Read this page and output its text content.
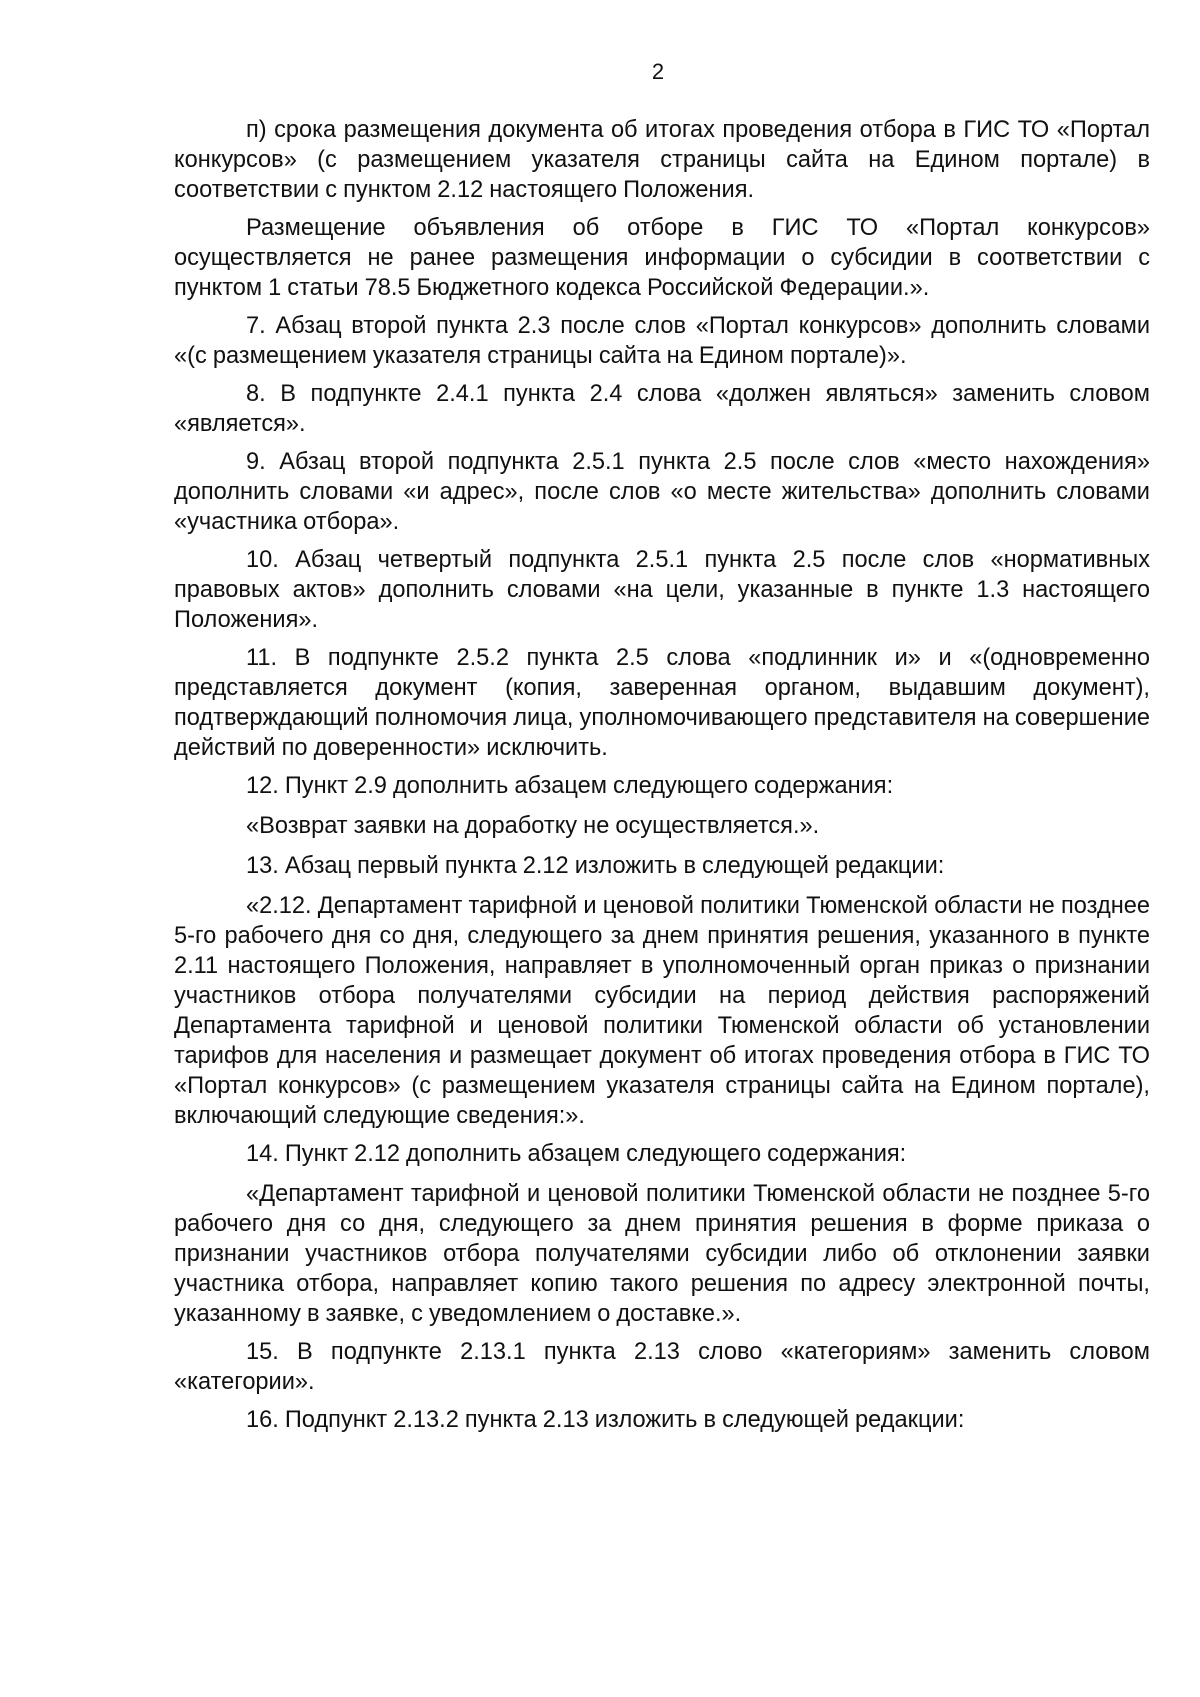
2

п) срока размещения документа об итогах проведения отбора в ГИС ТО «Портал конкурсов» (с размещением указателя страницы сайта на Едином портале) в соответствии с пунктом 2.12 настоящего Положения.

Размещение объявления об отборе в ГИС ТО «Портал конкурсов» осуществляется не ранее размещения информации о субсидии в соответствии с пунктом 1 статьи 78.5 Бюджетного кодекса Российской Федерации.».

7. Абзац второй пункта 2.3 после слов «Портал конкурсов» дополнить словами «(с размещением указателя страницы сайта на Едином портале)».

8. В подпункте 2.4.1 пункта 2.4 слова «должен являться» заменить словом «является».

9. Абзац второй подпункта 2.5.1 пункта 2.5 после слов «место нахождения» дополнить словами «и адрес», после слов «о месте жительства» дополнить словами «участника отбора».

10. Абзац четвертый подпункта 2.5.1 пункта 2.5 после слов «нормативных правовых актов» дополнить словами «на цели, указанные в пункте 1.3 настоящего Положения».

11. В подпункте 2.5.2 пункта 2.5 слова «подлинник и» и «(одновременно представляется документ (копия, заверенная органом, выдавшим документ), подтверждающий полномочия лица, уполномочивающего представителя на совершение действий по доверенности» исключить.

12. Пункт 2.9 дополнить абзацем следующего содержания:

«Возврат заявки на доработку не осуществляется.».

13. Абзац первый пункта 2.12 изложить в следующей редакции:

«2.12. Департамент тарифной и ценовой политики Тюменской области не позднее 5-го рабочего дня со дня, следующего за днем принятия решения, указанного в пункте 2.11 настоящего Положения, направляет в уполномоченный орган приказ о признании участников отбора получателями субсидии на период действия распоряжений Департамента тарифной и ценовой политики Тюменской области об установлении тарифов для населения и размещает документ об итогах проведения отбора в ГИС ТО «Портал конкурсов» (с размещением указателя страницы сайта на Едином портале), включающий следующие сведения:».

14. Пункт 2.12 дополнить абзацем следующего содержания:

«Департамент тарифной и ценовой политики Тюменской области не позднее 5-го рабочего дня со дня, следующего за днем принятия решения в форме приказа о признании участников отбора получателями субсидии либо об отклонении заявки участника отбора, направляет копию такого решения по адресу электронной почты, указанному в заявке, с уведомлением о доставке.».

15. В подпункте 2.13.1 пункта 2.13 слово «категориям» заменить словом «категории».

16. Подпункт 2.13.2 пункта 2.13 изложить в следующей редакции:
